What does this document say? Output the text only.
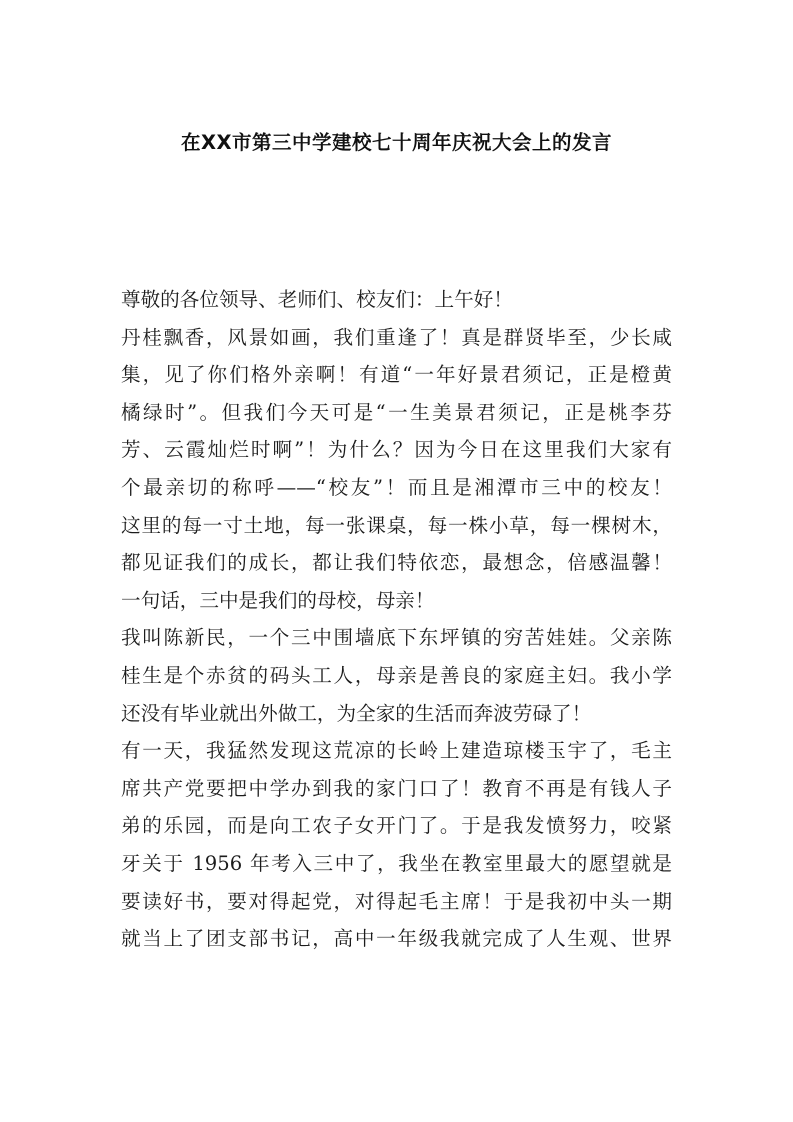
在XX市第三中学建校七十周年庆祝大会上的发言
尊敬的各位领导、老师们、校友们：上午好！
丹桂飘香，风景如画，我们重逢了！真是群贤毕至，少长咸
集，见了你们格外亲啊！有道“一年好景君须记，正是橙黄
橘绿时”。但我们今天可是“一生美景君须记，正是桃李芬
芳、云霞灿烂时啊”！为什么？因为今日在这里我们大家有
个最亲切的称呼——“校友”！而且是湘潭市三中的校友！
这里的每一寸土地，每一张课桌，每一株小草，每一棵树木，
都见证我们的成长，都让我们特依恋，最想念，倍感温馨！
一句话，三中是我们的母校，母亲！
我叫陈新民，一个三中围墙底下东坪镇的穷苦娃娃。父亲陈
桂生是个赤贫的码头工人，母亲是善良的家庭主妇。我小学
还没有毕业就出外做工，为全家的生活而奔波劳碌了！
有一天，我猛然发现这荒凉的长岭上建造琼楼玉宇了，毛主
席共产党要把中学办到我的家门口了！教育不再是有钱人子
弟的乐园，而是向工农子女开门了。于是我发愤努力，咬紧
牙关于 1956 年考入三中了，我坐在教室里最大的愿望就是
要读好书，要对得起党，对得起毛主席！于是我初中头一期
就当上了团支部书记，高中一年级我就完成了人生观、世界
